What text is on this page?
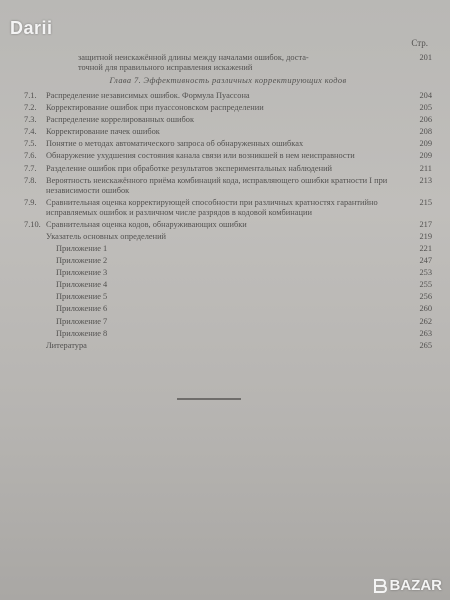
Стр.
защитной неискажённой длины между началами ошибок, доста-
точной для правильного исправления искажений
201
Глава 7. Эффективность различных корректирующих кодов
7.1.	Распределение независимых ошибок. Формула Пуассона	204
7.2.	Корректирование ошибок при пуассоновском распределении	205
7.3.	Распределение коррелированных ошибок	206
7.4.	Корректирование пачек ошибок	208
7.5.	Понятие о методах автоматического запроса об обнаруженных ошибках	209
7.6.	Обнаружение ухудшения состояния канала связи или возникшей в нем неисправности	209
7.7.	Разделение ошибок при обработке результатов экспериментальных наблюдений	211
7.8.	Вероятность неискажённого приёма комбинаций кода, исправляющего ошибки кратности I при независимости ошибок
213
7.9.	Сравнительная оценка корректирующей способности при различных кратностях гарантийно исправляемых ошибок и различном числе разрядов в кодовой комбинации
215
7.10. Сравнительная оценка кодов, обнаруживающих ошибки	217
Указатель основных определений	219
Приложение 1	221
Приложение 2	247
Приложение 3	253
Приложение 4	255
Приложение 5	256
Приложение 6	260
Приложение 7	262
Приложение 8	263
Литература	265
Darii
BAZAR
